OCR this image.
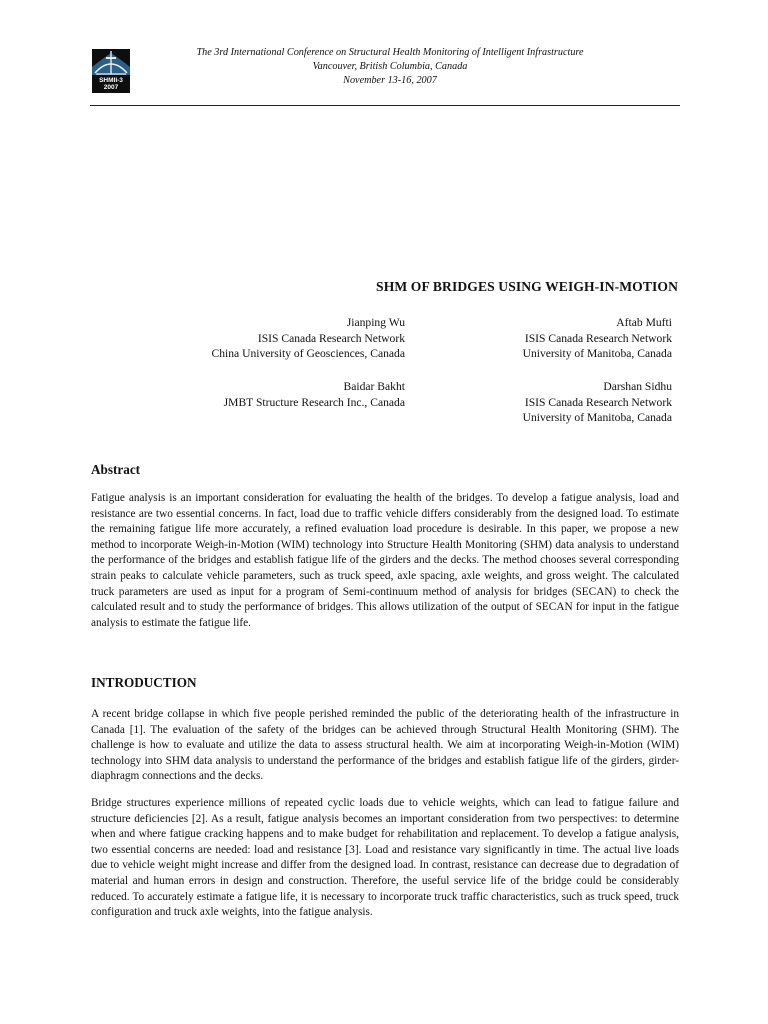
SHMII-3
2007
The 3rd International Conference on Structural Health Monitoring of Intelligent Infrastructure
Vancouver, British Columbia, Canada
November 13-16, 2007
SHM OF BRIDGES USING WEIGH-IN-MOTION
Jianping Wu
ISIS Canada Research Network
China University of Geosciences, Canada
Aftab Mufti
ISIS Canada Research Network
University of Manitoba, Canada
Baidar Bakht
JMBT Structure Research Inc., Canada
Darshan Sidhu
ISIS Canada Research Network
University of Manitoba, Canada
Abstract

Fatigue analysis is an important consideration for evaluating the health of the bridges. To develop a fatigue analysis, load and resistance are two essential concerns. In fact, load due to traffic vehicle differs considerably from the designed load. To estimate the remaining fatigue life more accurately, a refined evaluation load procedure is desirable. In this paper, we propose a new method to incorporate Weigh-in-Motion (WIM) technology into Structure Health Monitoring (SHM) data analysis to understand the performance of the bridges and establish fatigue life of the girders and the decks. The method chooses several corresponding strain peaks to calculate vehicle parameters, such as truck speed, axle spacing, axle weights, and gross weight. The calculated truck parameters are used as input for a program of Semi-continuum method of analysis for bridges (SECAN) to check the calculated result and to study the performance of bridges. This allows utilization of the output of SECAN for input in the fatigue analysis to estimate the fatigue life.

INTRODUCTION

A recent bridge collapse in which five people perished reminded the public of the deteriorating health of the infrastructure in Canada [1]. The evaluation of the safety of the bridges can be achieved through Structural Health Monitoring (SHM). The challenge is how to evaluate and utilize the data to assess structural health. We aim at incorporating Weigh-in-Motion (WIM) technology into SHM data analysis to understand the performance of the bridges and establish fatigue life of the girders, girder-diaphragm connections and the decks.

Bridge structures experience millions of repeated cyclic loads due to vehicle weights, which can lead to fatigue failure and structure deficiencies [2]. As a result, fatigue analysis becomes an important consideration from two perspectives: to determine when and where fatigue cracking happens and to make budget for rehabilitation and replacement. To develop a fatigue analysis, two essential concerns are needed: load and resistance [3]. Load and resistance vary significantly in time. The actual live loads due to vehicle weight might increase and differ from the designed load. In contrast, resistance can decrease due to degradation of material and human errors in design and construction. Therefore, the useful service life of the bridge could be considerably reduced. To accurately estimate a fatigue life, it is necessary to incorporate truck traffic characteristics, such as truck speed, truck configuration and truck axle weights, into the fatigue analysis.
